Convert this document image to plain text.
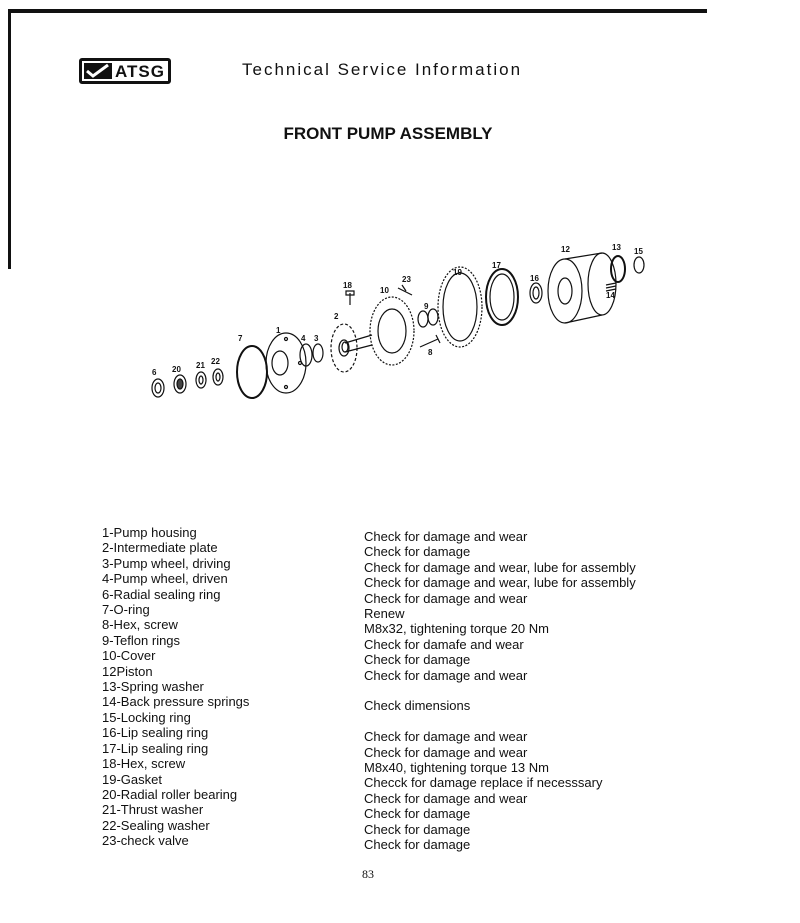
ATSG	Technical Service Information
FRONT PUMP ASSEMBLY
6 20 21 22
7
1
4 3
2
18
10
23
9
8
19
17
16
12	13 15
14
1-Pump housing
2-Intermediate plate
3-Pump wheel, driving
4-Pump wheel, driven
6-Radial sealing ring
7-O-ring
8-Hex, screw
9-Teflon rings
10-Cover
12Piston
13-Spring washer
14-Back pressure springs
15-Locking ring
16-Lip sealing ring
17-Lip sealing ring
18-Hex, screw
19-Gasket
20-Radial roller bearing
21-Thrust washer
22-Sealing washer
23-check valve
Check for damage and wear
Check for damage
Check for damage and wear, lube for assembly
Check for damage and wear, lube for assembly
Check for damage and wear
Renew
M8x32, tightening torque 20 Nm
Check for damafe and wear
Check for damage
Check for damage and wear
Check dimensions
Check for damage and wear
Check for damage and wear
M8x40, tightening torque 13 Nm
Checck for damage replace if necesssary
Check for damage and wear
Check for damage
Check for damage
Check for damage
83
